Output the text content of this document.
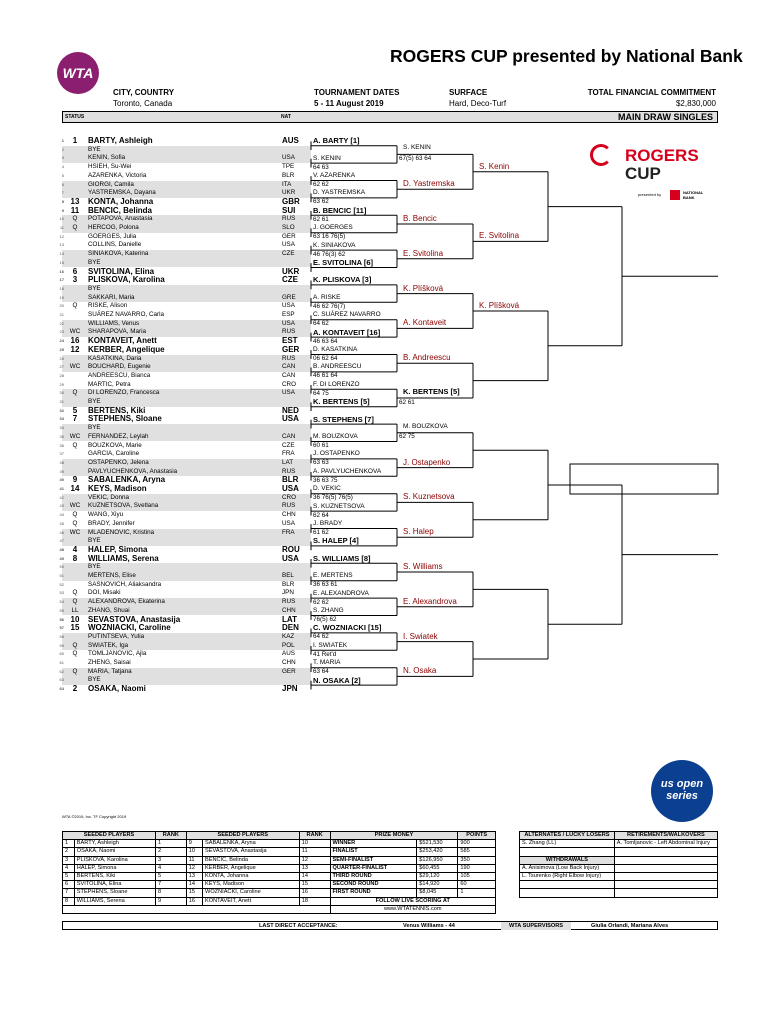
WTA
ROGERS CUP presented by National Bank
CITY, COUNTRY
Toronto, Canada
TOURNAMENT DATES
5 - 11 August 2019
SURFACE
Hard, Deco-Turf
TOTAL FINANCIAL COMMITMENT
$2,830,000
STATUS	NAT	MAIN DRAW SINGLES
1	1	BARTY, Ashleigh	AUS
2	BYE
3	KENIN, Sofia	USA
4	HSIEH, Su-Wei	TPE
5	AZARENKA, Victoria	BLR
6	GIORGI, Camila	ITA
7	YASTREMSKA, Dayana	UKR
8 13	KONTA, Johanna	GBR
9 11	BENCIC, Belinda	SUI
10	Q	POTAPOVA, Anastasia	RUS
11	Q	HERCOG, Polona	SLO
12	GOERGES, Julia	GER
13	COLLINS, Danielle	USA
14	SINIAKOVA, Katerina	CZE
15	BYE
16	6	SVITOLINA, Elina	UKR
17	3	PLISKOVA, Karolina	CZE
18	BYE
19	SAKKARI, Maria	GRE
20	Q	RISKE, Alison	USA
21	SUÁREZ NAVARRO, Carla	ESP
22	WILLIAMS, Venus	USA
23 WC	SHARAPOVA, Maria	RUS
24 16	KONTAVEIT, Anett	EST
25 12	KERBER, Angelique	GER
26	KASATKINA, Daria	RUS
27 WC	BOUCHARD, Eugenie	CAN
28	ANDREESCU, Bianca	CAN
29	MARTIC, Petra	CRO
30	Q	DI LORENZO, Francesca	USA
31	BYE
32	5	BERTENS, Kiki	NED
33	7	STEPHENS, Sloane	USA
34	BYE
35 WC	FERNANDEZ, Leylah	CAN
36	Q	BOUZKOVA, Marie	CZE
37	GARCIA, Caroline	FRA
38	OSTAPENKO, Jelena	LAT
39	PAVLYUCHENKOVA, Anastasia	RUS
40	9	SABALENKA, Aryna	BLR
41 14	KEYS, Madison	USA
42	VEKIC, Donna	CRO
43 WC	KUZNETSOVA, Svetlana	RUS
44	Q	WANG, Xiyu	CHN
45	Q	BRADY, Jennifer	USA
46 WC	MLADENOVIC, Kristina	FRA
47	BYE
48	4	HALEP, Simona	ROU
49	8	WILLIAMS, Serena	USA
50	BYE
51	MERTENS, Elise	BEL
52	SASNOVICH, Aliaksandra	BLR
53	Q	DOI, Misaki	JPN
54	Q	ALEXANDROVA, Ekaterina	RUS
55	LL	ZHANG, Shuai	CHN
56 10	SEVASTOVA, Anastasija	LAT
57 15	WOZNIACKI, Caroline	DEN
58	PUTINTSEVA, Yulia	KAZ
59	Q	SWIATEK, Iga	POL
60	Q	TOMLJANOVIC, Ajla	AUS
61	ZHENG, Saisai	CHN
62	Q	MARIA, Tatjana	GER
63	BYE
64	2	OSAKA, Naomi	JPN
A. BARTY [1]
S. KENIN
64 63
V. AZARENKA
62 62
D. YASTREMSKA
63 62
B. BENCIC [11]
62 61
J. GOERGES
63 16 76(5)
K. SINIAKOVA
46 76(3) 62
E. SVITOLINA [6]
K. PLISKOVA [3]
A. RISKE
46 62 76(7)
C. SUÁREZ NAVARRO
64 62
A. KONTAVEIT [16]
46 63 64
D. KASATKINA
06 62 64
B. ANDREESCU
46 61 64
F. DI LORENZO
64 75
K. BERTENS [5]
S. STEPHENS [7]
M. BOUZKOVA
60 61
J. OSTAPENKO
63 63
A. PAVLYUCHENKOVA
36 63 75
D. VEKIC
36 76(5) 76(5)
S. KUZNETSOVA
62 64
J. BRADY
61 62
S. HALEP [4]
S. WILLIAMS [8]
E. MERTENS
36 63 61
E. ALEXANDROVA
62 62
S. ZHANG
76(5) 62
C. WOZNIACKI [15]
64 62
I. SWIATEK
41 Ret'd
T. MARIA
63 64
N. OSAKA [2]
S. KENIN
67(5) 63 64
D. Yastremska
B. Bencic
E. Svitolina
K. Plíšková
A. Kontaveit
B. Andreescu
K. BERTENS [5]
62 61
M. BOUZKOVA
62 75
J. Ostapenko
S. Kuznetsova
S. Halep
S. Williams
E. Alexandrova
I. Swiatek
N. Osaka
S. Kenin
E. Svitolina
K. Plíšková
ROGERS
CUP
presented by	NATIONAL BANK
us open
series
WTA ©2019, Inc. TF Copyright 2019
SEEDED PLAYERS		RANK	SEEDED PLAYERS		RANK	PRIZE MONEY		POINTS
1	BARTY, Ashleigh	1	9	SABALENKA, Aryna	10	WINNER	$521,530	900
2	OSAKA, Naomi	2	10	SEVASTOVA, Anastasija	11	FINALIST	$253,420	585
3	PLISKOVA, Karolina	3	11	BENCIC, Belinda	12	SEMI-FINALIST	$126,950	350
4	HALEP, Simona	4	12	KERBER, Angelique	13	QUARTER-FINALIST	$60,455	190
5	BERTENS, Kiki	5	13	KONTA, Johanna	14	THIRD ROUND	$29,120	105
6	SVITOLINA, Elina	7	14	KEYS, Madison	15	SECOND ROUND	$14,920	60
7	STEPHENS, Sloane	8	15	WOZNIACKI, Caroline	16	FIRST ROUND	$8,045	1
8	WILLIAMS, Serena	9	16	KONTAVEIT, Anett	18	FOLLOW LIVE SCORING AT		
						www.WTATENNIS.com		
ALTERNATES / LUCKY LOSERS	RETIREMENTS/WALKOVERS
S. Zhang (LL)	A. Tomljanovic - Left Abdominal Injury

WITHDRAWALS	
A. Anisimova (Low Back Injury)	
L. Tsurenko (Right Elbow Injury)	

LAST DIRECT ACCEPTANCE:	Venus Williams - 44	WTA SUPERVISORS	Giulia Orlandi, Mariana Alves
